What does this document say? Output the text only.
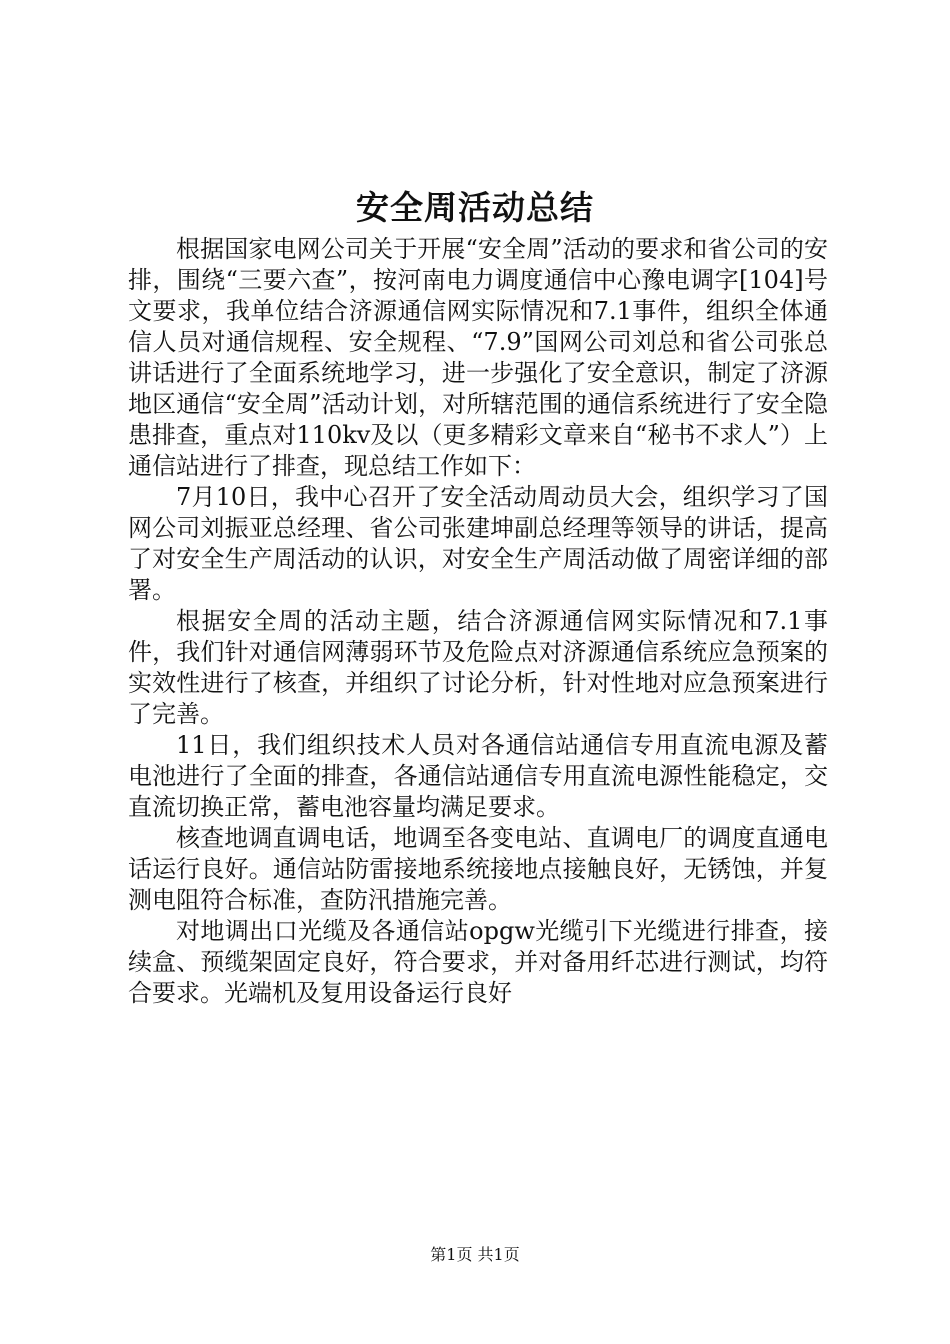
安全周活动总结

根据国家电网公司关于开展“安全周”活动的要求和省公司的安排，围绕“三要六查”，按河南电力调度通信中心豫电调字[104]号文要求，我单位结合济源通信网实际情况和7.1事件，组织全体通信人员对通信规程、安全规程、“7.9”国网公司刘总和省公司张总讲话进行了全面系统地学习，进一步强化了安全意识，制定了济源地区通信“安全周”活动计划，对所辖范围的通信系统进行了安全隐患排查，重点对110kv及以（更多精彩文章来自“秘书不求人”）上通信站进行了排查，现总结工作如下：

7月10日，我中心召开了安全活动周动员大会，组织学习了国网公司刘振亚总经理、省公司张建坤副总经理等领导的讲话，提高了对安全生产周活动的认识，对安全生产周活动做了周密详细的部署。

根据安全周的活动主题，结合济源通信网实际情况和7.1事件，我们针对通信网薄弱环节及危险点对济源通信系统应急预案的实效性进行了核查，并组织了讨论分析，针对性地对应急预案进行了完善。

11日，我们组织技术人员对各通信站通信专用直流电源及蓄电池进行了全面的排查，各通信站通信专用直流电源性能稳定，交直流切换正常，蓄电池容量均满足要求。

核查地调直调电话，地调至各变电站、直调电厂的调度直通电话运行良好。通信站防雷接地系统接地点接触良好，无锈蚀，并复测电阻符合标准，查防汛措施完善。

对地调出口光缆及各通信站opgw光缆引下光缆进行排查，接续盒、预缆架固定良好，符合要求，并对备用纤芯进行测试，均符合要求。光端机及复用设备运行良好

第1页 共1页
